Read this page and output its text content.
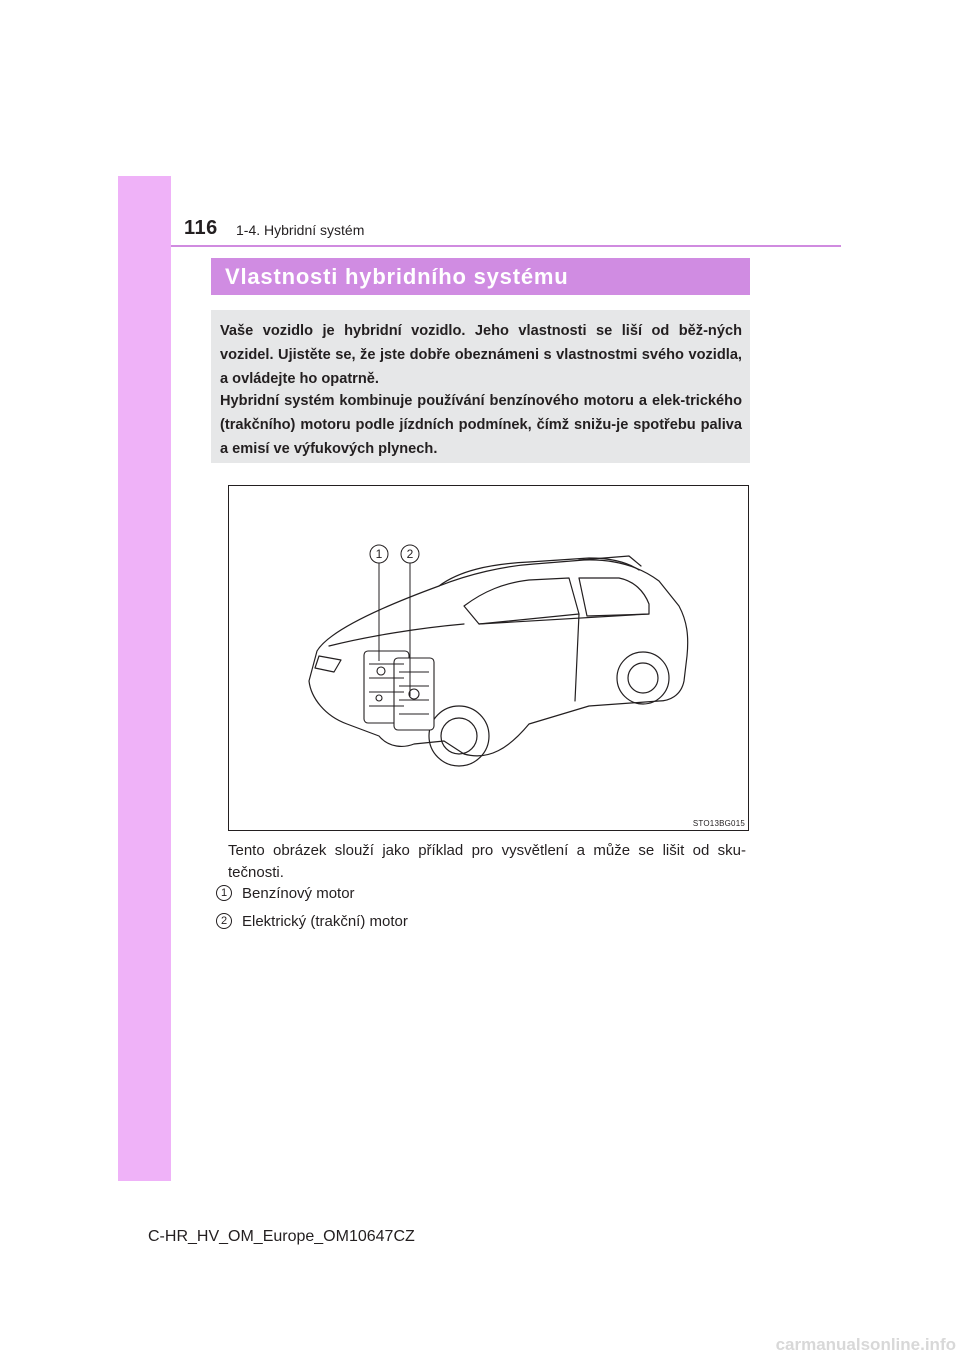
116 1-4. Hybridní systém
Vlastnosti hybridního systému

Vaše vozidlo je hybridní vozidlo. Jeho vlastnosti se liší od běž-ných vozidel. Ujistěte se, že jste dobře obeznámeni s vlastnostmi svého vozidla, a ovládejte ho opatrně.

Hybridní systém kombinuje používání benzínového motoru a elek-trického (trakčního) motoru podle jízdních podmínek, čímž snižu-je spotřebu paliva a emisí ve výfukových plynech.

1 2
STO13BG015

Tento obrázek slouží jako příklad pro vysvětlení a může se lišit od sku-tečnosti.

1 Benzínový motor
2 Elektrický (trakční) motor
C-HR_HV_OM_Europe_OM10647CZ
carmanualsonline.info
